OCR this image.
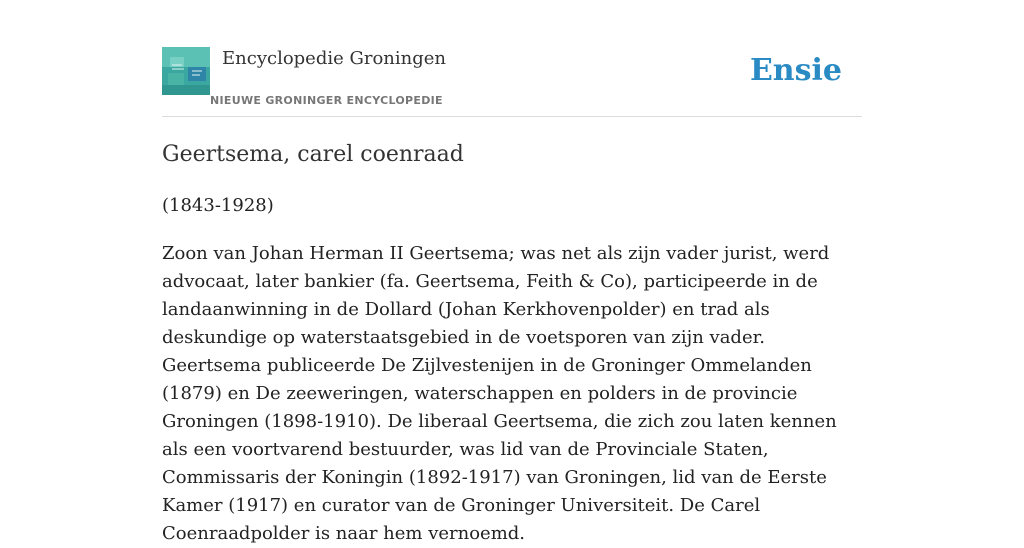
Encyclopedie Groningen
NIEUWE GRONINGER ENCYCLOPEDIE
Ensie
Geertsema, carel coenraad

(1843-1928)

Zoon van Johan Herman II Geertsema; was net als zijn vader jurist, werd advocaat, later bankier (fa. Geertsema, Feith & Co), participeerde in de landaanwinning in de Dollard (Johan Kerkhovenpolder) en trad als deskundige op waterstaatsgebied in de voetsporen van zijn vader. Geertsema publiceerde De Zijlvestenijen in de Groninger Ommelanden (1879) en De zeeweringen, waterschappen en polders in de provincie Groningen (1898-1910). De liberaal Geertsema, die zich zou laten kennen als een voortvarend bestuurder, was lid van de Provinciale Staten, Commissaris der Koningin (1892-1917) van Groningen, lid van de Eerste Kamer (1917) en curator van de Groninger Universiteit. De Carel Coenraadpolder is naar hem vernoemd.
